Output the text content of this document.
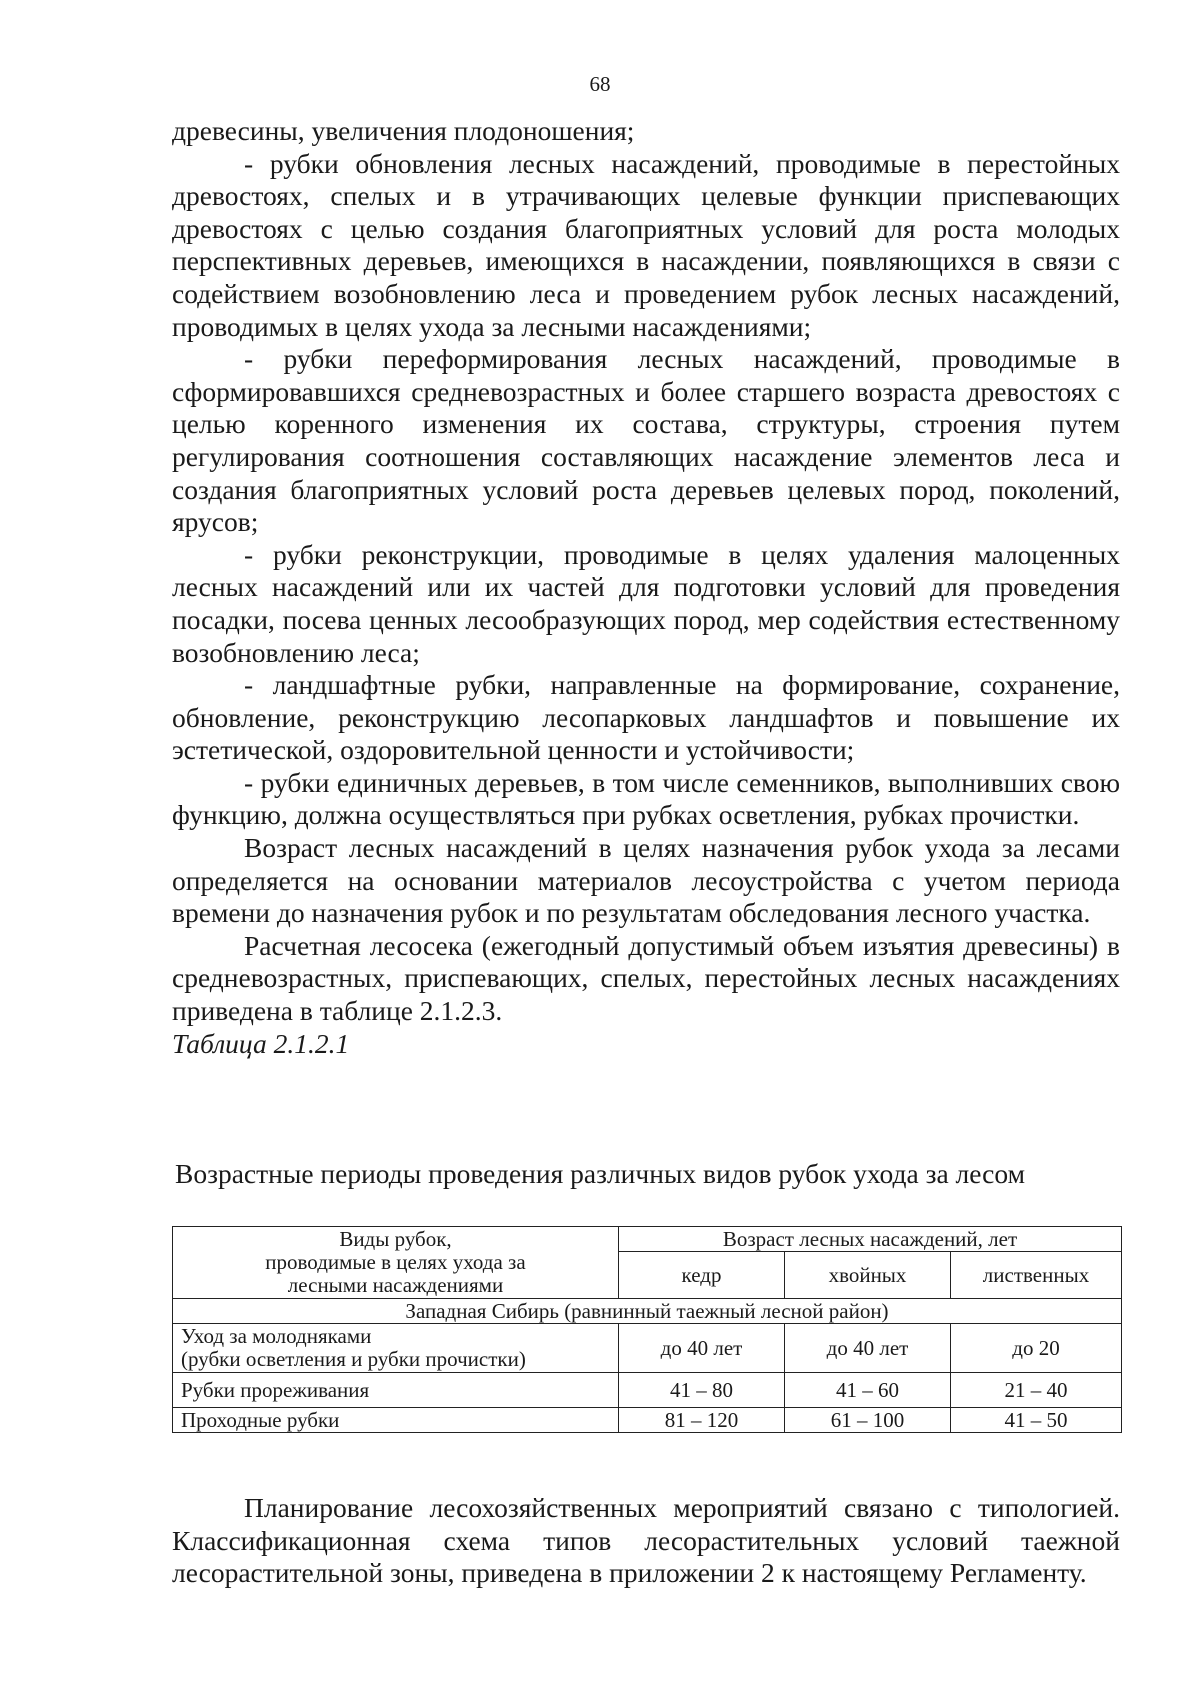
68

древесины, увеличения плодоношения;

- рубки обновления лесных насаждений, проводимые в перестойных древостоях, спелых и в утрачивающих целевые функции приспевающих древостоях с целью создания благоприятных условий для роста молодых перспективных деревьев, имеющихся в насаждении, появляющихся в связи с содействием возобновлению леса и проведением рубок лесных насаждений, проводимых в целях ухода за лесными насаждениями;

- рубки переформирования лесных насаждений, проводимые в сформировавшихся средневозрастных и более старшего возраста древостоях с целью коренного изменения их состава, структуры, строения путем регулирования соотношения составляющих насаждение элементов леса и создания благоприятных условий роста деревьев целевых пород, поколений, ярусов;

- рубки реконструкции, проводимые в целях удаления малоценных лесных насаждений или их частей для подготовки условий для проведения посадки, посева ценных лесообразующих пород, мер содействия естественному возобновлению леса;

- ландшафтные рубки, направленные на формирование, сохранение, обновление, реконструкцию лесопарковых ландшафтов и повышение их эстетической, оздоровительной ценности и устойчивости;

- рубки единичных деревьев, в том числе семенников, выполнивших свою функцию, должна осуществляться при рубках осветления, рубках прочистки.

Возраст лесных насаждений в целях назначения рубок ухода за лесами определяется на основании материалов лесоустройства с учетом периода времени до назначения рубок и по результатам обследования лесного участка.

Расчетная лесосека (ежегодный допустимый объем изъятия древесины) в средневозрастных, приспевающих, спелых, перестойных лесных насаждениях приведена в таблице 2.1.2.3.

Таблица 2.1.2.1

Возрастные периоды проведения различных видов рубок ухода за лесом
Виды рубок,
проводимые в целях ухода за
лесными насаждениями	Возраст лесных насаждений, лет		
	кедр	хвойных	лиственных
Западная Сибирь (равнинный таежный лесной район)			
Уход за молодняками
(рубки осветления и рубки прочистки)	до 40 лет	до 40 лет	до 20
Рубки прореживания	41 – 80	41 – 60	21 – 40
Проходные рубки	81 – 120	61 – 100	41 – 50

Планирование лесохозяйственных мероприятий связано с типологией. Классификационная схема типов лесорастительных условий таежной лесорастительной зоны, приведена в приложении 2 к настоящему Регламенту.
